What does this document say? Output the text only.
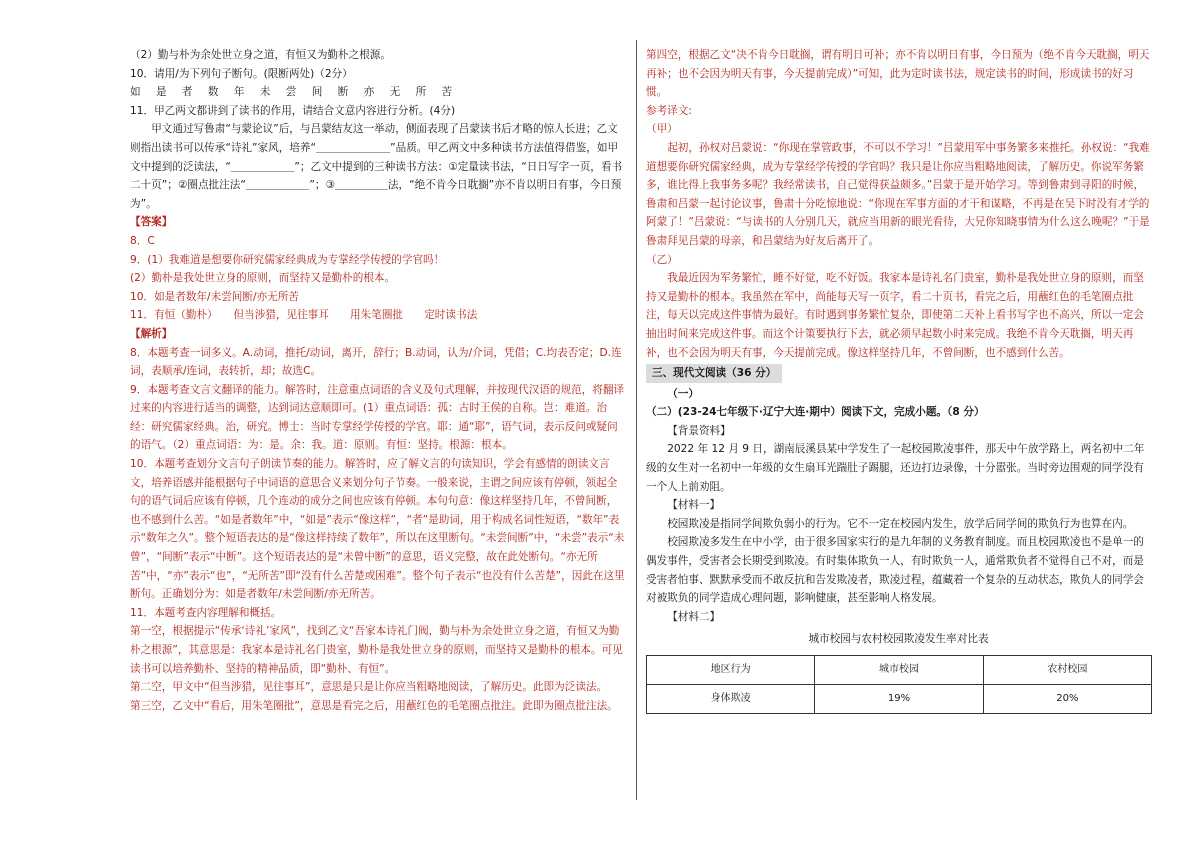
（2）勤与朴为余处世立身之道，有恒又为勤朴之根源。

10．请用/为下列句子断句。(限断两处)（2分）

如 是 者 数 年 未 尝 间 断 亦 无 所 苦

11．甲乙两文都讲到了读书的作用，请结合文意内容进行分析。(4分)

甲文通过写鲁肃“与蒙论议”后，与吕蒙结友这一举动，侧面表现了吕蒙读书后才略的惊人长进；乙文则指出读书可以传承“诗礼”家风，培养“＿＿＿＿＿＿＿”品质。甲乙两文中多种读书方法值得借鉴，如甲文中提到的泛读法，“＿＿＿＿＿＿”；乙文中提到的三种读书方法：①定量读书法，“日日写字一页，看书二十页”；②圈点批注法“＿＿＿＿＿＿”；③＿＿＿＿＿法，“绝不肯今日耽搁”亦不肯以明日有事，今日预为”。

【答案】

8．C

9．(1）我难道是想要你研究儒家经典成为专掌经学传授的学官吗！

(2）勤朴是我处世立身的原则，而坚持又是勤朴的根本。

10．如是者数年/未尝间断/亦无所苦

11．有恒（勤朴）　　但当涉猎，见往事耳　　用朱笔圈批　　定时读书法

【解析】

8．本题考查一词多义。A.动词，推托/动词，离开，辞行；B.动词，认为/介词，凭借；C.均表否定；D.连词，表顺承/连词，表转折，却；故选C。

9．本题考查文言文翻译的能力。解答时，注意重点词语的含义及句式理解，并按现代汉语的规范，将翻译过来的内容进行适当的调整，达到词达意顺即可。(1）重点词语：孤：古时王侯的自称。岂：难道。治经：研究儒家经典。治，研究。博士：当时专掌经学传授的学官。耶：通“耶”，语气词，表示反问或疑问的语气。（2）重点词语：为：是。余：我。道：原则。有恒：坚持。根源：根本。

10．本题考查划分文言句子朗读节奏的能力。解答时，应了解文言的句读知识，学会有感情的朗读文言文，培养语感并能根据句子中词语的意思合义来划分句子节奏。一般来说，主谓之间应该有停顿，领起全句的语气词后应该有停顿，几个连动的成分之间也应该有停顿。本句句意：像这样坚持几年，不曾间断，也不感到什么苦。“如是者数年”中，“如是”表示“像这样”，“者”是助词，用于构成名词性短语，“数年”表示“数年之久”。整个短语表达的是“像这样持续了数年”，所以在这里断句。“未尝间断”中，“未尝”表示“未曾”，“间断”表示“中断”。这个短语表达的是“未曾中断”的意思，语义完整，故在此处断句。“亦无所苦”中，“亦”表示“也”，“无所苦”即“没有什么苦楚或困难”。整个句子表示“也没有什么苦楚”，因此在这里断句。正确划分为：如是者数年/未尝间断/亦无所苦。

11．本题考查内容理解和概括。

第一空，根据提示“传承‘诗礼’家风”，找到乙文“吾家本诗礼门阀，勤与朴为余处世立身之道，有恒又为勤朴之根源”，其意思是：我家本是诗礼名门贵室，勤朴是我处世立身的原则，而坚持又是勤朴的根本。可见读书可以培养勤朴、坚持的精神品质，即“勤朴、有恒”。

第二空，甲文中“但当涉猎，见往事耳”，意思是只是让你应当粗略地阅读，了解历史。此即为泛读法。

第三空，乙文中“看后，用朱笔圈批”，意思是看完之后，用蘸红色的毛笔圈点批注。此即为圈点批注法。

第四空，根据乙文“决不肯今日耽搁，谓有明日可补；亦不肯以明日有事，今日预为（绝不肯今天耽搁，明天再补；也不会因为明天有事，今天提前完成）”可知，此为定时读书法，规定读书的时间，形成读书的好习惯。

参考译文:

（甲）

起初，孙权对吕蒙说：“你现在掌管政事，不可以不学习！”吕蒙用军中事务繁多来推托。孙权说：“我难道想要你研究儒家经典，成为专掌经学传授的学官吗？我只是让你应当粗略地阅读，了解历史。你说军务繁多，谁比得上我事务多呢？我经常读书，自己觉得获益颇多。”吕蒙于是开始学习。等到鲁肃到寻阳的时候，鲁肃和吕蒙一起讨论议事，鲁肃十分吃惊地说：“你现在军事方面的才干和谋略，不再是在吴下时没有才学的阿蒙了！”吕蒙说：“与读书的人分别几天，就应当用新的眼光看待，大兄你知晓事情为什么这么晚呢？”于是鲁肃拜见吕蒙的母亲，和吕蒙结为好友后离开了。

（乙）

我最近因为军务繁忙，睡不好觉，吃不好饭。我家本是诗礼名门贵室，勤朴是我处世立身的原则，而坚持又是勤朴的根本。我虽然在军中，尚能每天写一页字，看二十页书，看完之后，用蘸红色的毛笔圈点批注，每天以完成这件事情为最好。有时遇到事务繁忙复杂，即使第二天补上看书写字也不高兴，所以一定会抽出时间来完成这件事。而这个计策要执行下去，就必须早起数小时来完成。我绝不肯今天耽搁，明天再补，也不会因为明天有事，今天提前完成。像这样坚持几年，不曾间断，也不感到什么苦。

三、现代文阅读（36 分）

（一）

（二）(23-24七年级下·辽宁大连·期中）阅读下文，完成小题。（8 分）

【背景资料】

2022 年 12 月 9 日，湖南辰溪县某中学发生了一起校园欺凌事件，那天中午放学路上，两名初中二年级的女生对一名初中一年级的女生扇耳光踹肚子踢腿，还边打边录像，十分嚣张。当时旁边围观的同学没有一个人上前劝阻。

【材料一】

校园欺凌是指同学间欺负弱小的行为。它不一定在校园内发生，放学后同学间的欺负行为也算在内。

校园欺凌多发生在中小学，由于很多国家实行的是九年制的义务教育制度。而且校园欺凌也不是单一的偶发事件，受害者会长期受到欺凌。有时集体欺负一人，有时欺负一人，通常欺负者不觉得自己不对，而是受害者怕事、默默承受而不敢反抗和告发欺凌者，欺凌过程，蕴藏着一个复杂的互动状态，欺负人的同学会对被欺负的同学造成心理问题，影响健康，甚至影响人格发展。

【材料二】

城市校园与农村校园欺凌发生率对比表

地区行为	城市校园	农村校园
身体欺凌	19%	20%
